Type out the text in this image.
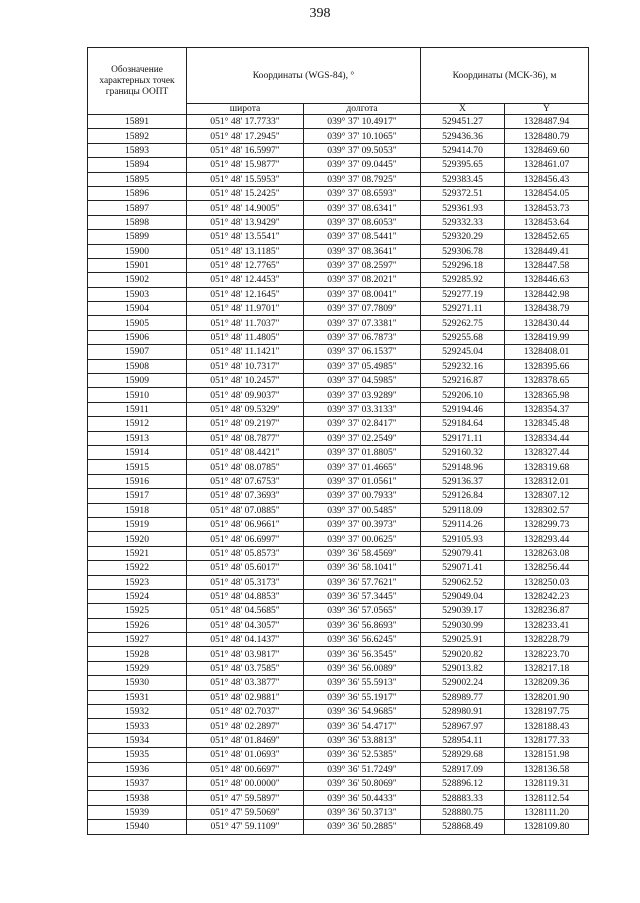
398
Обозначение характерных точек границы ООПТ	Координаты (WGS-84), °		Координаты (МСК-36), м	
	широта	долгота	X	Y
15891	051° 48' 17.7733"	039° 37' 10.4917"	529451.27	1328487.94
15892	051° 48' 17.2945"	039° 37' 10.1065"	529436.36	1328480.79
15893	051° 48' 16.5997"	039° 37' 09.5053"	529414.70	1328469.60
15894	051° 48' 15.9877"	039° 37' 09.0445"	529395.65	1328461.07
15895	051° 48' 15.5953"	039° 37' 08.7925"	529383.45	1328456.43
15896	051° 48' 15.2425"	039° 37' 08.6593"	529372.51	1328454.05
15897	051° 48' 14.9005"	039° 37' 08.6341"	529361.93	1328453.73
15898	051° 48' 13.9429"	039° 37' 08.6053"	529332.33	1328453.64
15899	051° 48' 13.5541"	039° 37' 08.5441"	529320.29	1328452.65
15900	051° 48' 13.1185"	039° 37' 08.3641"	529306.78	1328449.41
15901	051° 48' 12.7765"	039° 37' 08.2597"	529296.18	1328447.58
15902	051° 48' 12.4453"	039° 37' 08.2021"	529285.92	1328446.63
15903	051° 48' 12.1645"	039° 37' 08.0041"	529277.19	1328442.98
15904	051° 48' 11.9701"	039° 37' 07.7809"	529271.11	1328438.79
15905	051° 48' 11.7037"	039° 37' 07.3381"	529262.75	1328430.44
15906	051° 48' 11.4805"	039° 37' 06.7873"	529255.68	1328419.99
15907	051° 48' 11.1421"	039° 37' 06.1537"	529245.04	1328408.01
15908	051° 48' 10.7317"	039° 37' 05.4985"	529232.16	1328395.66
15909	051° 48' 10.2457"	039° 37' 04.5985"	529216.87	1328378.65
15910	051° 48' 09.9037"	039° 37' 03.9289"	529206.10	1328365.98
15911	051° 48' 09.5329"	039° 37' 03.3133"	529194.46	1328354.37
15912	051° 48' 09.2197"	039° 37' 02.8417"	529184.64	1328345.48
15913	051° 48' 08.7877"	039° 37' 02.2549"	529171.11	1328334.44
15914	051° 48' 08.4421"	039° 37' 01.8805"	529160.32	1328327.44
15915	051° 48' 08.0785"	039° 37' 01.4665"	529148.96	1328319.68
15916	051° 48' 07.6753"	039° 37' 01.0561"	529136.37	1328312.01
15917	051° 48' 07.3693"	039° 37' 00.7933"	529126.84	1328307.12
15918	051° 48' 07.0885"	039° 37' 00.5485"	529118.09	1328302.57
15919	051° 48' 06.9661"	039° 37' 00.3973"	529114.26	1328299.73
15920	051° 48' 06.6997"	039° 37' 00.0625"	529105.93	1328293.44
15921	051° 48' 05.8573"	039° 36' 58.4569"	529079.41	1328263.08
15922	051° 48' 05.6017"	039° 36' 58.1041"	529071.41	1328256.44
15923	051° 48' 05.3173"	039° 36' 57.7621"	529062.52	1328250.03
15924	051° 48' 04.8853"	039° 36' 57.3445"	529049.04	1328242.23
15925	051° 48' 04.5685"	039° 36' 57.0565"	529039.17	1328236.87
15926	051° 48' 04.3057"	039° 36' 56.8693"	529030.99	1328233.41
15927	051° 48' 04.1437"	039° 36' 56.6245"	529025.91	1328228.79
15928	051° 48' 03.9817"	039° 36' 56.3545"	529020.82	1328223.70
15929	051° 48' 03.7585"	039° 36' 56.0089"	529013.82	1328217.18
15930	051° 48' 03.3877"	039° 36' 55.5913"	529002.24	1328209.36
15931	051° 48' 02.9881"	039° 36' 55.1917"	528989.77	1328201.90
15932	051° 48' 02.7037"	039° 36' 54.9685"	528980.91	1328197.75
15933	051° 48' 02.2897"	039° 36' 54.4717"	528967.97	1328188.43
15934	051° 48' 01.8469"	039° 36' 53.8813"	528954.11	1328177.33
15935	051° 48' 01.0693"	039° 36' 52.5385"	528929.68	1328151.98
15936	051° 48' 00.6697"	039° 36' 51.7249"	528917.09	1328136.58
15937	051° 48' 00.0000"	039° 36' 50.8069"	528896.12	1328119.31
15938	051° 47' 59.5897"	039° 36' 50.4433"	528883.33	1328112.54
15939	051° 47' 59.5069"	039° 36' 50.3713"	528880.75	1328111.20
15940	051° 47' 59.1109"	039° 36' 50.2885"	528868.49	1328109.80
